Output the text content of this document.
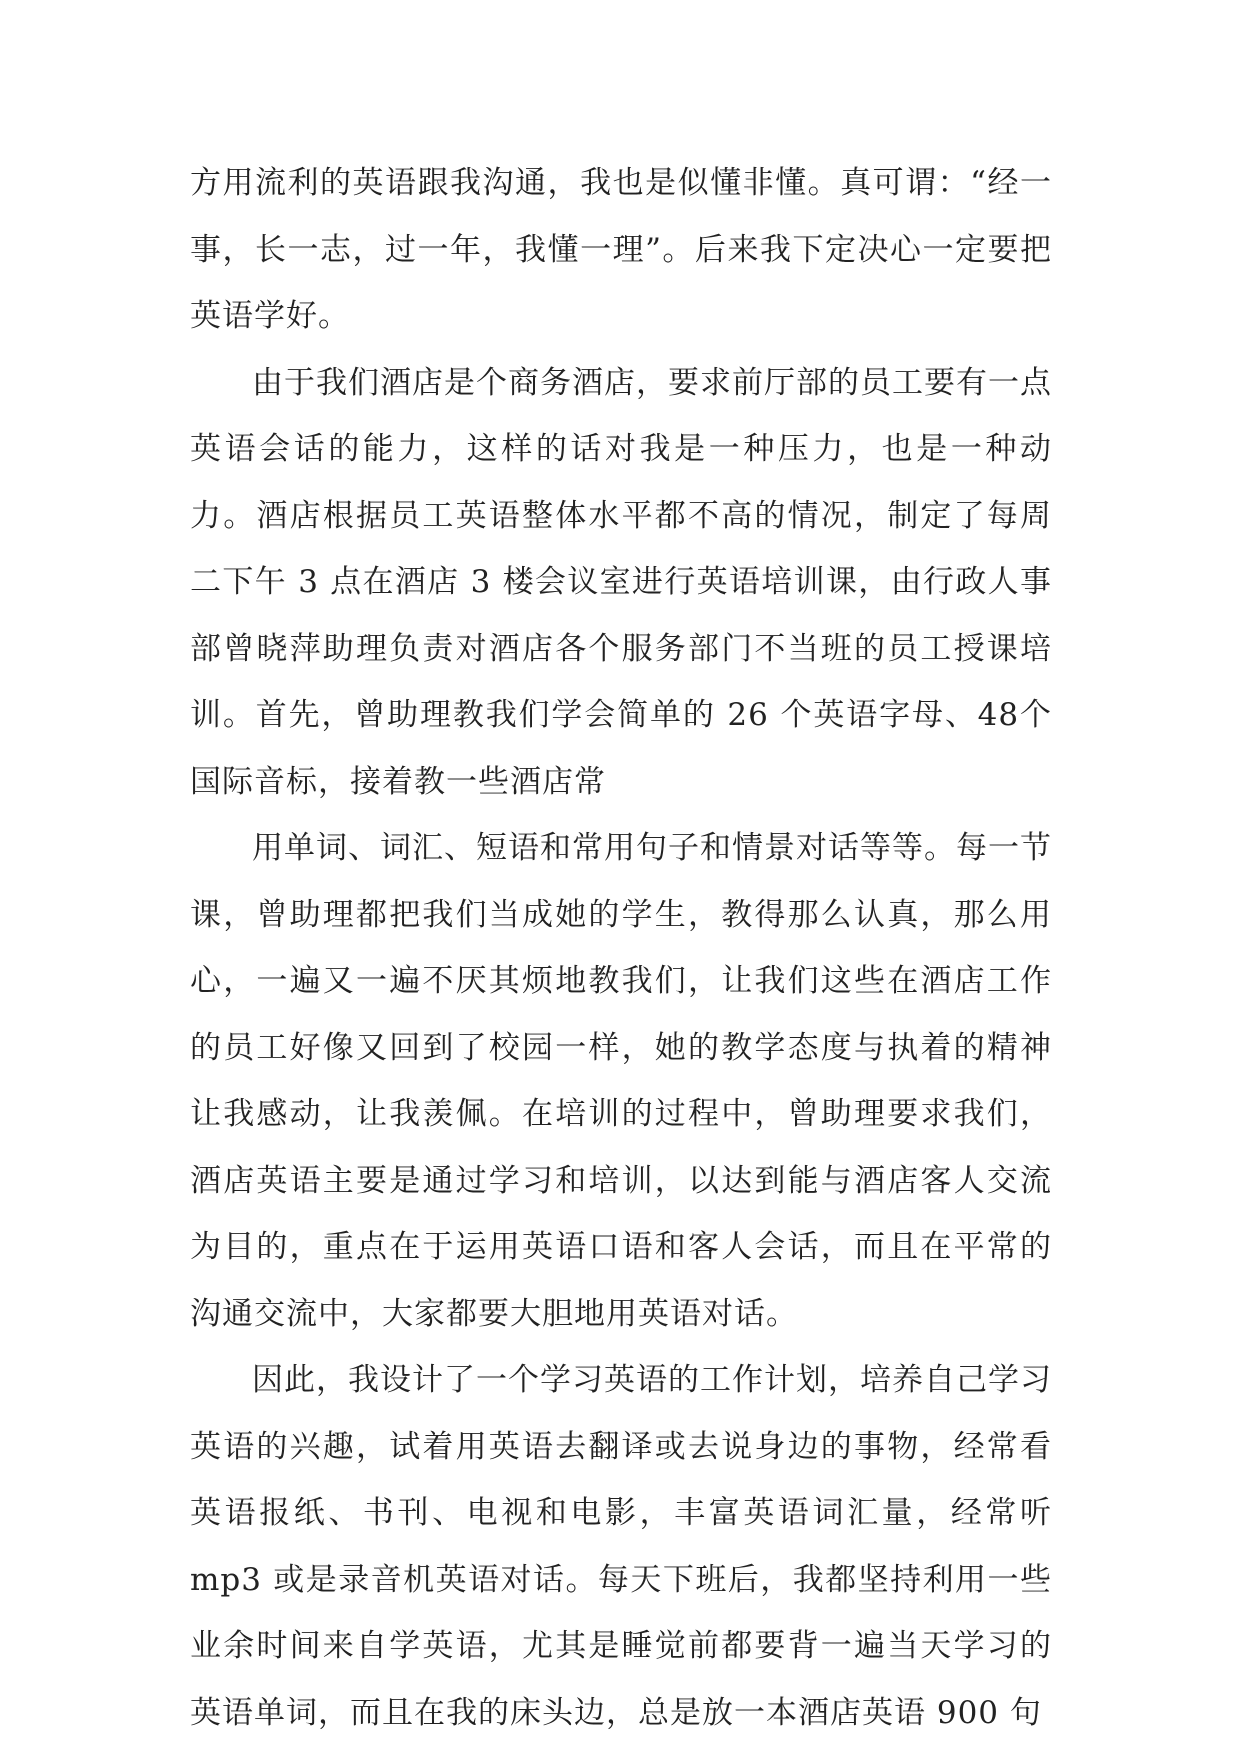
方用流利的英语跟我沟通，我也是似懂非懂。真可谓：“经一事，长一志，过一年，我懂一理”。后来我下定决心一定要把英语学好。

由于我们酒店是个商务酒店，要求前厅部的员工要有一点英语会话的能力，这样的话对我是一种压力，也是一种动力。酒店根据员工英语整体水平都不高的情况，制定了每周二下午 3 点在酒店 3 楼会议室进行英语培训课，由行政人事部曾晓萍助理负责对酒店各个服务部门不当班的员工授课培训。首先，曾助理教我们学会简单的 26 个英语字母、48个国际音标，接着教一些酒店常

用单词、词汇、短语和常用句子和情景对话等等。每一节课，曾助理都把我们当成她的学生，教得那么认真，那么用心，一遍又一遍不厌其烦地教我们，让我们这些在酒店工作的员工好像又回到了校园一样，她的教学态度与执着的精神让我感动，让我羡佩。在培训的过程中，曾助理要求我们，酒店英语主要是通过学习和培训，以达到能与酒店客人交流为目的，重点在于运用英语口语和客人会话，而且在平常的沟通交流中，大家都要大胆地用英语对话。

因此，我设计了一个学习英语的工作计划，培养自己学习英语的兴趣，试着用英语去翻译或去说身边的事物，经常看英语报纸、书刊、电视和电影，丰富英语词汇量，经常听mp3 或是录音机英语对话。每天下班后，我都坚持利用一些业余时间来自学英语，尤其是睡觉前都要背一遍当天学习的英语单词，而且在我的床头边，总是放一本酒店英语 900 句
